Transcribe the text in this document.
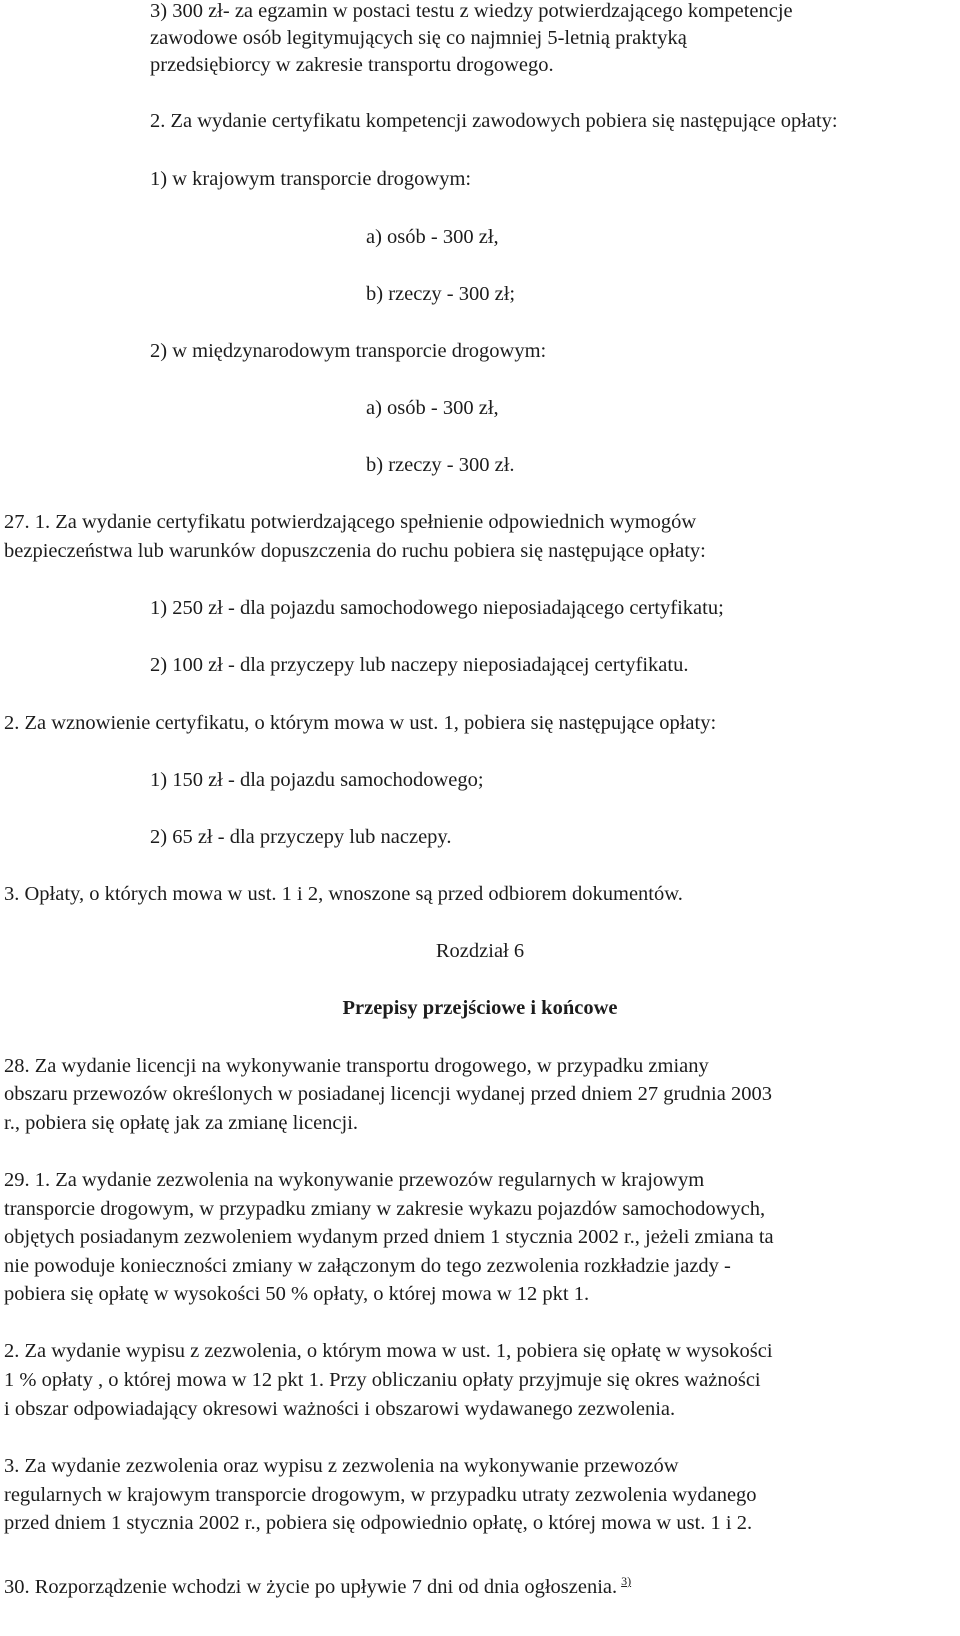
3) 300 zł- za egzamin w postaci testu z wiedzy potwierdzającego kompetencje
zawodowe osób legitymujących się co najmniej 5-letnią praktyką
przedsiębiorcy w zakresie transportu drogowego.
2. Za wydanie certyfikatu kompetencji zawodowych pobiera się następujące opłaty:
1) w krajowym transporcie drogowym:
a) osób - 300 zł,
b) rzeczy - 300 zł;
2) w międzynarodowym transporcie drogowym:
a) osób - 300 zł,
b) rzeczy - 300 zł.
27. 1. Za wydanie certyfikatu potwierdzającego spełnienie odpowiednich wymogów
bezpieczeństwa lub warunków dopuszczenia do ruchu pobiera się następujące opłaty:
1) 250 zł - dla pojazdu samochodowego nieposiadającego certyfikatu;
2) 100 zł - dla przyczepy lub naczepy nieposiadającej certyfikatu.
2. Za wznowienie certyfikatu, o którym mowa w ust. 1, pobiera się następujące opłaty:
1) 150 zł - dla pojazdu samochodowego;
2) 65 zł - dla przyczepy lub naczepy.
3. Opłaty, o których mowa w ust. 1 i 2, wnoszone są przed odbiorem dokumentów.
Rozdział 6
Przepisy przejściowe i końcowe
28. Za wydanie licencji na wykonywanie transportu drogowego, w przypadku zmiany
obszaru przewozów określonych w posiadanej licencji wydanej przed dniem 27 grudnia 2003
r., pobiera się opłatę jak za zmianę licencji.
29. 1. Za wydanie zezwolenia na wykonywanie przewozów regularnych w krajowym
transporcie drogowym, w przypadku zmiany w zakresie wykazu pojazdów samochodowych,
objętych posiadanym zezwoleniem wydanym przed dniem 1 stycznia 2002 r., jeżeli zmiana ta
nie powoduje konieczności zmiany w załączonym do tego zezwolenia rozkładzie jazdy -
pobiera się opłatę w wysokości 50 % opłaty, o której mowa w 12 pkt 1.
2. Za wydanie wypisu z zezwolenia, o którym mowa w ust. 1, pobiera się opłatę w wysokości
1 % opłaty , o której mowa w 12 pkt 1. Przy obliczaniu opłaty przyjmuje się okres ważności
i obszar odpowiadający okresowi ważności i obszarowi wydawanego zezwolenia.
3. Za wydanie zezwolenia oraz wypisu z zezwolenia na wykonywanie przewozów
regularnych w krajowym transporcie drogowym, w przypadku utraty zezwolenia wydanego
przed dniem 1 stycznia 2002 r., pobiera się odpowiednio opłatę, o której mowa w ust. 1 i 2.
30. Rozporządzenie wchodzi w życie po upływie 7 dni od dnia ogłoszenia. $^{3)}$
